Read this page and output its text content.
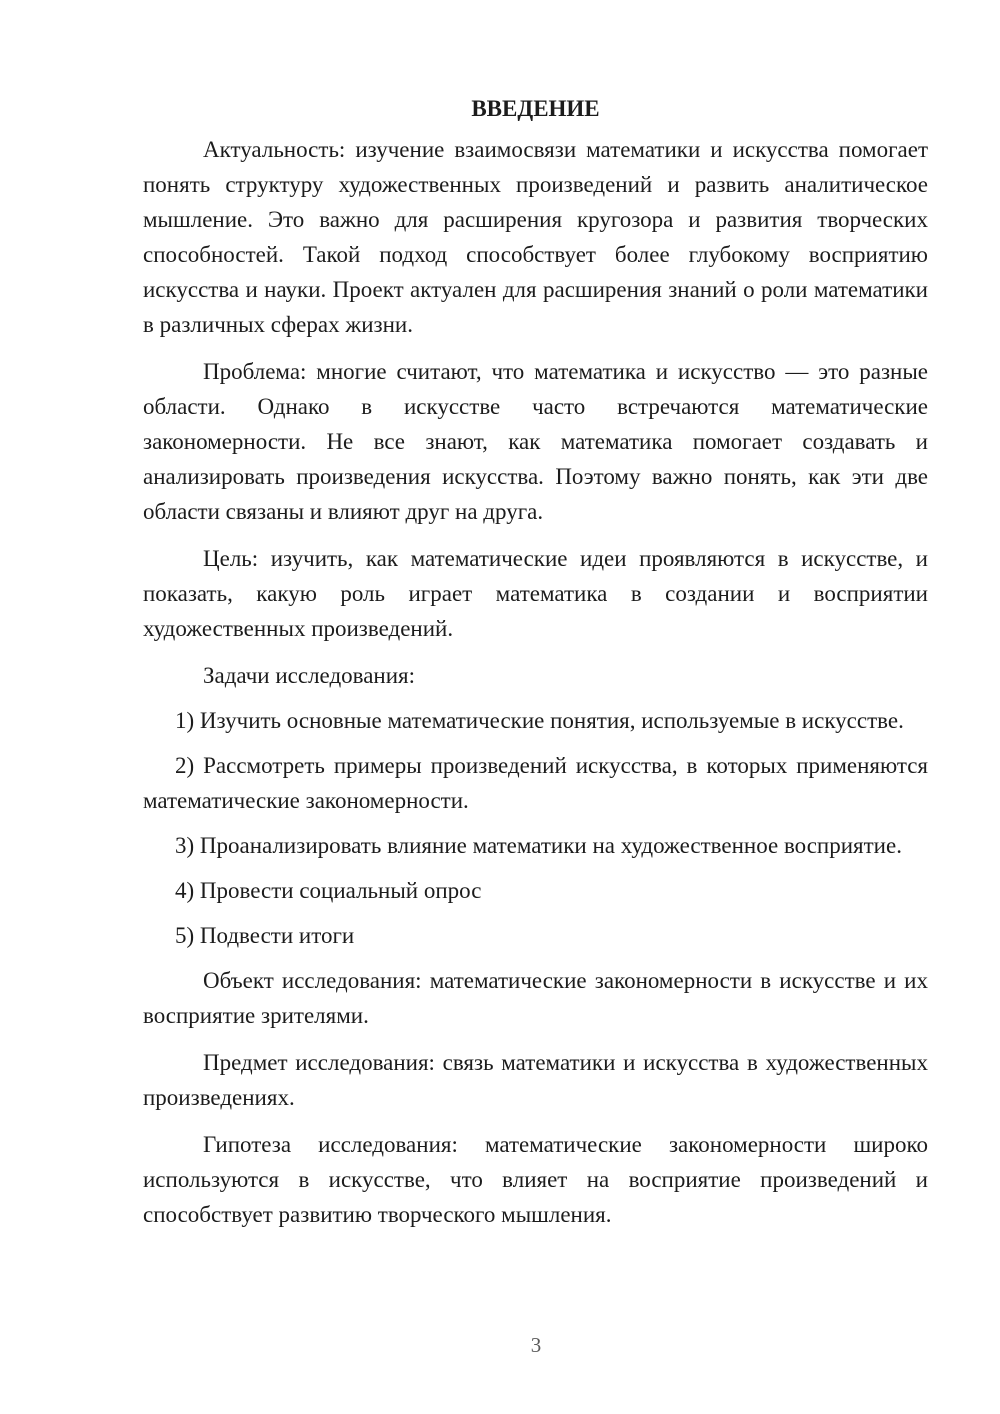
ВВЕДЕНИЕ

Актуальность: изучение взаимосвязи математики и искусства помогает понять структуру художественных произведений и развить аналитическое мышление. Это важно для расширения кругозора и развития творческих способностей. Такой подход способствует более глубокому восприятию искусства и науки. Проект актуален для расширения знаний о роли математики в различных сферах жизни.

Проблема: многие считают, что математика и искусство — это разные области. Однако в искусстве часто встречаются математические закономерности. Не все знают, как математика помогает создавать и анализировать произведения искусства. Поэтому важно понять, как эти две области связаны и влияют друг на друга.

Цель: изучить, как математические идеи проявляются в искусстве, и показать, какую роль играет математика в создании и восприятии художественных произведений.

Задачи исследования:

1) Изучить основные математические понятия, используемые в искусстве.

2) Рассмотреть примеры произведений искусства, в которых применяются математические закономерности.

3) Проанализировать влияние математики на художественное восприятие.

4) Провести социальный опрос

5) Подвести итоги

Объект исследования: математические закономерности в искусстве и их восприятие зрителями.

Предмет исследования: связь математики и искусства в художественных произведениях.

Гипотеза исследования: математические закономерности широко используются в искусстве, что влияет на восприятие произведений и способствует развитию творческого мышления.

3
